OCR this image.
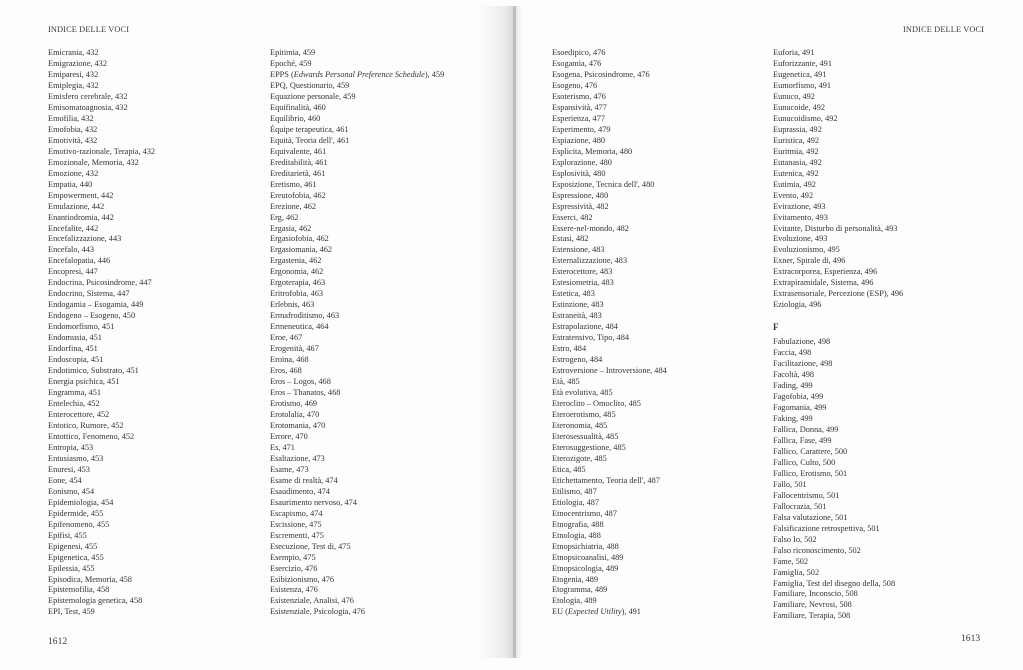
INDICE DELLE VOCI
Emicrania, 432
Emigrazione, 432
Emiparesi, 432
Emiplegia, 432
Emisfero cerebrale, 432
Emisomatoagnosia, 432
Emofilia, 432
Emofobia, 432
Emotività, 432
Emotivo-razionale, Terapia, 432
Emozionale, Memoria, 432
Emozione, 432
Empatia, 440
Empowerment, 442
Emulazione, 442
Enantiodromia, 442
Encefalite, 442
Encefalizzazione, 443
Encefalo, 443
Encefalopatia, 446
Encopresi, 447
Endocrina, Psicosindrome, 447
Endocrino, Sistema, 447
Endogamia – Esogamia, 449
Endogeno – Esogeno, 450
Endomorfismo, 451
Endomusia, 451
Endorfina, 451
Endoscopia, 451
Endotimico, Substrato, 451
Energia psichica, 451
Engramma, 451
Entelechia, 452
Enterocettore, 452
Entotico, Rumore, 452
Entottico, Fenomeno, 452
Entropia, 453
Entusiasmo, 453
Enuresi, 453
Eone, 454
Eonismo, 454
Epidemiologia, 454
Epidermide, 455
Epifenomeno, 455
Epifisi, 455
Epigenesi, 455
Epigenetica, 455
Epilessia, 455
Episodica, Memoria, 458
Epistemofilia, 458
Epistemologia genetica, 458
EPI, Test, 459
Epitimia, 459
Epoché, 459
EPPS (Edwards Personal Preference Schedule), 459
EPQ, Questionario, 459
Equazione personale, 459
Equifinalità, 460
Equilibrio, 460
Équipe terapeutica, 461
Equità, Teoria dell', 461
Equivalente, 461
Ereditabilità, 461
Ereditarietà, 461
Eretismo, 461
Ereutofobia, 462
Erezione, 462
Erg, 462
Ergasia, 462
Ergasiofobia, 462
Ergasiomania, 462
Ergastenia, 462
Ergonomia, 462
Ergoterapia, 463
Eritrofobia, 463
Erlebnis, 463
Ermafroditismo, 463
Ermeneutica, 464
Eroe, 467
Erogenità, 467
Eroina, 468
Eros, 468
Eros – Logos, 468
Eros – Thanatos, 468
Erotismo, 469
Erotolalia, 470
Erotomania, 470
Errore, 470
Es, 471
Esaltazione, 473
Esame, 473
Esame di realtà, 474
Esaudimento, 474
Esaurimento nervoso, 474
Escapismo, 474
Escissione, 475
Escrementi, 475
Esecuzione, Test di, 475
Esempio, 475
Esercizio, 476
Esibizionismo, 476
Esistenza, 476
Esistenziale, Analisi, 476
Esistenziale, Psicologia, 476
1612
INDICE DELLE VOCI
Esoedipico, 476
Esogamia, 476
Esogena, Psicosindrome, 476
Esogeno, 476
Esoterismo, 476
Espansività, 477
Esperienza, 477
Esperimento, 479
Espiazione, 480
Esplicita, Memoria, 480
Esplorazione, 480
Esplosività, 480
Esposizione, Tecnica dell', 480
Espressione, 480
Espressività, 482
Esserci, 482
Essere-nel-mondo, 482
Estasi, 482
Estensione, 483
Esternalizzazione, 483
Esterocettore, 483
Estesiometria, 483
Estetica, 483
Estinzione, 483
Estraneità, 483
Estrapolazione, 484
Estratensivo, Tipo, 484
Estro, 484
Estrogeno, 484
Estroversione – Introversione, 484
Età, 485
Età evolutiva, 485
Eteroclito – Omoclito, 485
Eteroerotismo, 485
Eteronomia, 485
Eterosessualità, 485
Eterosuggestione, 485
Eterozigote, 485
Etica, 485
Etichettamento, Teoria dell', 487
Etilismo, 487
Etiologia, 487
Etnocentrismo, 487
Etnografia, 488
Etnologia, 488
Etnopsichiatria, 488
Etnopsicoanalisi, 489
Etnopsicologia, 489
Etogenia, 489
Etogramma, 489
Etologia, 489
EU (Expected Utility), 491
Euforia, 491
Euforizzante, 491
Eugenetica, 491
Eumorfismo, 491
Eunuco, 492
Eunucoide, 492
Eunucoidismo, 492
Euprassia, 492
Euristica, 492
Euritmia, 492
Eutanasia, 492
Eutenica, 492
Eutimia, 492
Evento, 492
Evirazione, 493
Evitamento, 493
Evitante, Disturbo di personalità, 493
Evoluzione, 493
Evoluzionismo, 495
Exner, Spirale di, 496
Extracorporea, Esperienza, 496
Extrapiramidale, Sistema, 496
Extrasensoriale, Percezione (ESP), 496
Eziologia, 496
F
Fabulazione, 498
Faccia, 498
Facilitazione, 498
Facoltà, 498
Fading, 499
Fagofobia, 499
Fagomania, 499
Faking, 499
Fallica, Donna, 499
Fallica, Fase, 499
Fallico, Carattere, 500
Fallico, Culto, 500
Fallico, Erotismo, 501
Fallo, 501
Fallocentrismo, 501
Fallocrazia, 501
Falsa valutazione, 501
Falsificazione retrospettiva, 501
Falso Io, 502
Falso riconoscimento, 502
Fame, 502
Famiglia, 502
Famiglia, Test del disegno della, 508
Familiare, Inconscio, 508
Familiare, Nevrosi, 508
Familiare, Terapia, 508
1613
